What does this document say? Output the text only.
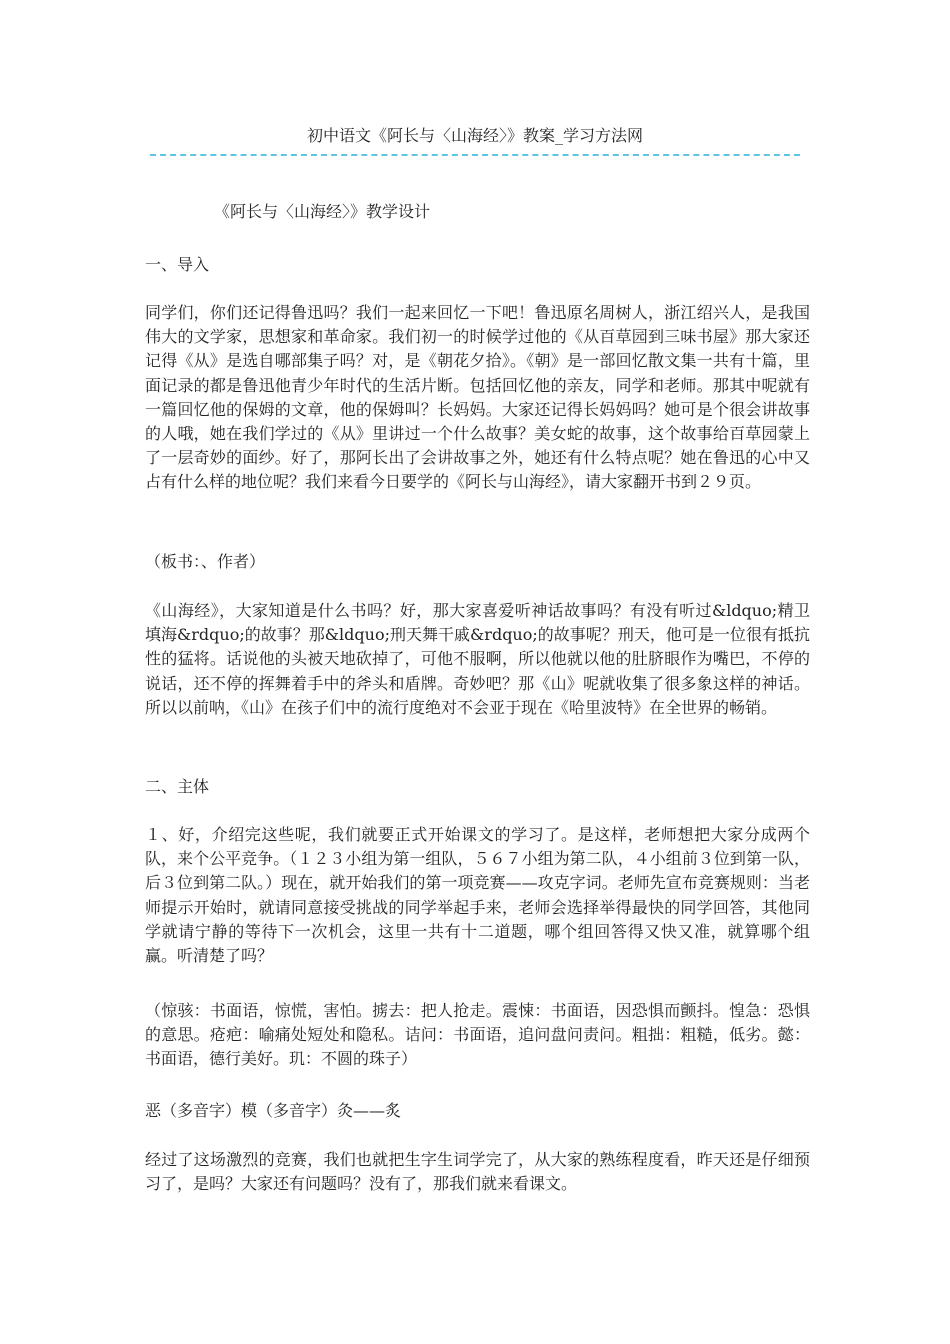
初中语文《阿长与〈山海经〉》教案_学习方法网
《阿长与〈山海经〉》教学设计

一、导入

同学们，你们还记得鲁迅吗？我们一起来回忆一下吧！鲁迅原名周树人，浙江绍兴人，是我国伟大的文学家，思想家和革命家。我们初一的时候学过他的《从百草园到三味书屋》那大家还记得《从》是选自哪部集子吗？对，是《朝花夕拾》。《朝》是一部回忆散文集一共有十篇，里面记录的都是鲁迅他青少年时代的生活片断。包括回忆他的亲友，同学和老师。那其中呢就有一篇回忆他的保姆的文章，他的保姆叫？长妈妈。大家还记得长妈妈吗？她可是个很会讲故事的人哦，她在我们学过的《从》里讲过一个什么故事？美女蛇的故事，这个故事给百草园蒙上了一层奇妙的面纱。好了，那阿长出了会讲故事之外，她还有什么特点呢？她在鲁迅的心中又占有什么样的地位呢？我们来看今日要学的《阿长与山海经》，请大家翻开书到２９页。

（板书：、作者）

《山海经》，大家知道是什么书吗？好，那大家喜爱听神话故事吗？有没有听过&ldquo;精卫填海&rdquo;的故事？那&ldquo;刑天舞干戚&rdquo;的故事呢？刑天，他可是一位很有抵抗性的猛将。话说他的头被天地砍掉了，可他不服啊，所以他就以他的肚脐眼作为嘴巴，不停的说话，还不停的挥舞着手中的斧头和盾牌。奇妙吧？那《山》呢就收集了很多象这样的神话。所以以前呐，《山》在孩子们中的流行度绝对不会亚于现在《哈里波特》在全世界的畅销。

二、主体

１、好，介绍完这些呢，我们就要正式开始课文的学习了。是这样，老师想把大家分成两个队，来个公平竞争。（１２３小组为第一组队，５６７小组为第二队，４小组前３位到第一队，后３位到第二队。）现在，就开始我们的第一项竞赛——攻克字词。老师先宣布竞赛规则：当老师提示开始时，就请同意接受挑战的同学举起手来，老师会选择举得最快的同学回答，其他同学就请宁静的等待下一次机会，这里一共有十二道题，哪个组回答得又快又准，就算哪个组赢。听清楚了吗？

（惊骇：书面语，惊慌，害怕。掳去：把人抢走。震悚：书面语，因恐惧而颤抖。惶急：恐惧的意思。疮疤：喻痛处短处和隐私。诘问：书面语，追问盘问责问。粗拙：粗糙，低劣。懿：书面语，德行美好。玑：不圆的珠子）

恶（多音字）模（多音字）灸——炙

经过了这场激烈的竞赛，我们也就把生字生词学完了，从大家的熟练程度看，昨天还是仔细预习了，是吗？大家还有问题吗？没有了，那我们就来看课文。
